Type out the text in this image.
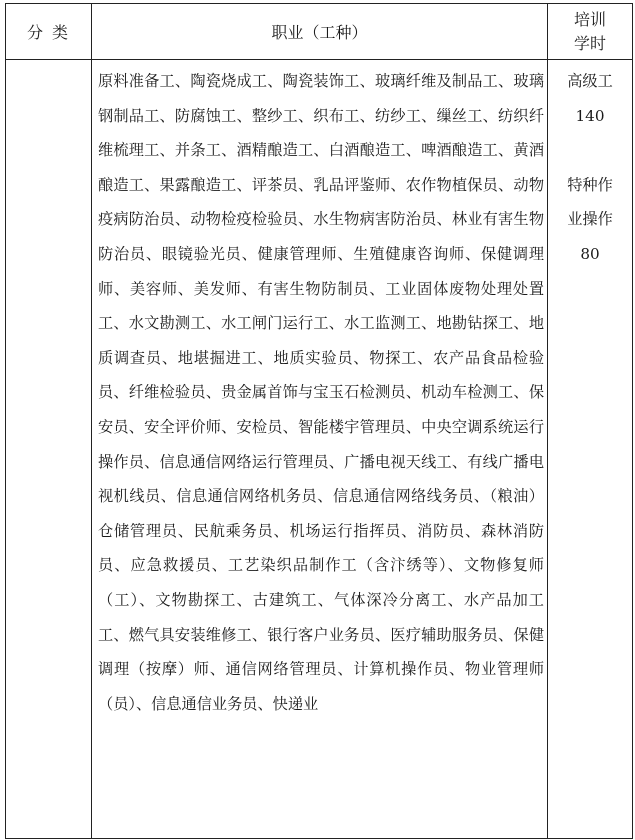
分 类	职业（工种）
培训
学时
原料准备工、陶瓷烧成工、陶瓷装饰工、玻璃纤维及制品工、玻璃钢制品工、防腐蚀工、整纱工、织布工、纺纱工、缫丝工、纺织纤维梳理工、并条工、酒精酿造工、白酒酿造工、啤酒酿造工、黄酒酿造工、果露酿造工、评茶员、乳品评鉴师、农作物植保员、动物疫病防治员、动物检疫检验员、水生物病害防治员、林业有害生物防治员、眼镜验光员、健康管理师、生殖健康咨询师、保健调理师、美容师、美发师、有害生物防制员、工业固体废物处理处置工、水文勘测工、水工闸门运行工、水工监测工、地勘钻探工、地质调查员、地堪掘进工、地质实验员、物探工、农产品食品检验员、纤维检验员、贵金属首饰与宝玉石检测员、机动车检测工、保安员、安全评价师、安检员、智能楼宇管理员、中央空调系统运行操作员、信息通信网络运行管理员、广播电视天线工、有线广播电视机线员、信息通信网络机务员、信息通信网络线务员、（粮油）仓储管理员、民航乘务员、机场运行指挥员、消防员、森林消防员、应急救援员、工艺染织品制作工（含汴绣等）、文物修复师（工）、文物勘探工、古建筑工、气体深冷分离工、水产品加工工、燃气具安装维修工、银行客户业务员、医疗辅助服务员、保健调理（按摩）师、通信网络管理员、计算机操作员、物业管理师（员）、信息通信业务员、快递业
高级工
140
特种作
业操作
80
